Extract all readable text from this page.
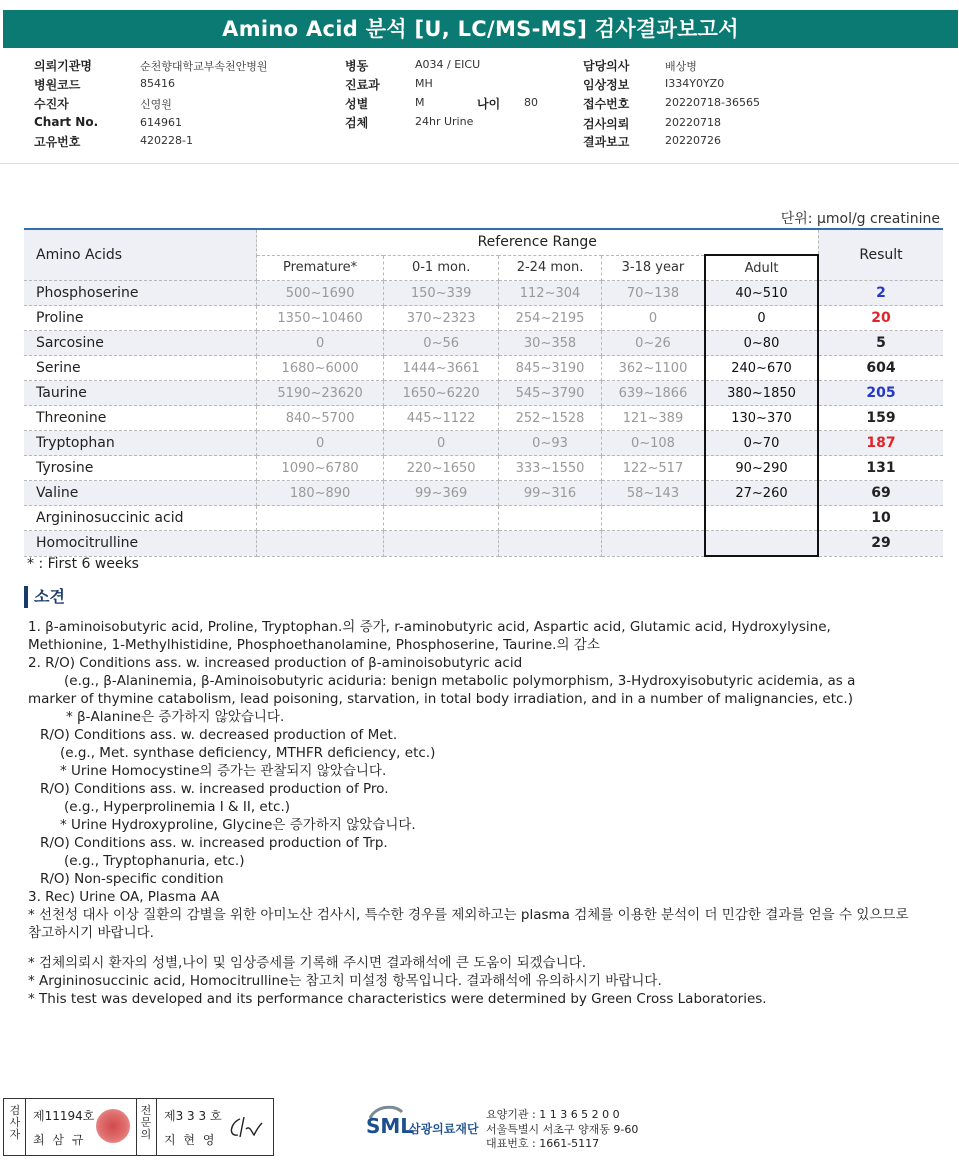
Amino Acid 분석 [U, LC/MS-MS] 검사결과보고서
의뢰기관명	순천향대학교부속천안병원
병원코드	85416
수진자	신영원
Chart No.	614961
고유번호	420228-1
병동	A034 / EICU
진료과	MH
성별	M
검체	24hr Urine
담당의사	배상병
임상정보	I334Y0YZ0
접수번호	20220718-36565
검사의뢰	20220718
결과보고	20220726
나이 80
단위: μmol/g creatinine
Amino Acids	Reference Range					Result
	Premature*	0-1 mon.	2-24 mon.	3-18 year	Adult	
Phosphoserine	500~1690	150~339	112~304	70~138	40~510	2
Proline	1350~10460	370~2323	254~2195	0	0	20
Sarcosine	0	0~56	30~358	0~26	0~80	5
Serine	1680~6000	1444~3661	845~3190	362~1100	240~670	604
Taurine	5190~23620	1650~6220	545~3790	639~1866	380~1850	205
Threonine	840~5700	445~1122	252~1528	121~389	130~370	159
Tryptophan	0	0	0~93	0~108	0~70	187
Tyrosine	1090~6780	220~1650	333~1550	122~517	90~290	131
Valine	180~890	99~369	99~316	58~143	27~260	69
Argininosuccinic acid						10
Homocitrulline						29
* : First 6 weeks
소견
1. β-aminoisobutyric acid, Proline, Tryptophan.의 증가, r-aminobutyric acid, Aspartic acid, Glutamic acid, Hydroxylysine,
Methionine, 1-Methylhistidine, Phosphoethanolamine, Phosphoserine, Taurine.의 감소
2. R/O) Conditions ass. w. increased production of β-aminoisobutyric acid
(e.g., β-Alaninemia, β-Aminoisobutyric aciduria: benign metabolic polymorphism, 3-Hydroxyisobutyric acidemia, as a
marker of thymine catabolism, lead poisoning, starvation, in total body irradiation, and in a number of malignancies, etc.)
* β-Alanine은 증가하지 않았습니다.
R/O) Conditions ass. w. decreased production of Met.
(e.g., Met. synthase deficiency, MTHFR deficiency, etc.)
* Urine Homocystine의 증가는 관찰되지 않았습니다.
R/O) Conditions ass. w. increased production of Pro.
(e.g., Hyperprolinemia I & II, etc.)
* Urine Hydroxyproline, Glycine은 증가하지 않았습니다.
R/O) Conditions ass. w. increased production of Trp.
(e.g., Tryptophanuria, etc.)
R/O) Non-specific condition
3. Rec) Urine OA, Plasma AA
* 선천성 대사 이상 질환의 감별을 위한 아미노산 검사시, 특수한 경우를 제외하고는 plasma 검체를 이용한 분석이 더 민감한 결과를 얻을 수 있으므로
참고하시기 바랍니다.
* 검체의뢰시 환자의 성별,나이 및 임상증세를 기록해 주시면 결과해석에 큰 도움이 되겠습니다.
* Argininosuccinic acid, Homocitrulline는 참고치 미설정 항목입니다. 결과해석에 유의하시기 바랍니다.
* This test was developed and its performance characteristics were determined by Green Cross Laboratories.
검
사
자
제11194호
최 삼 규
전
문
의
제3 3 3 호
지 현 영
SML
삼광의료재단
요양기관 : 1 1 3 6 5 2 0 0
서울특별시 서초구 양재동 9-60
대표번호 : 1661-5117
